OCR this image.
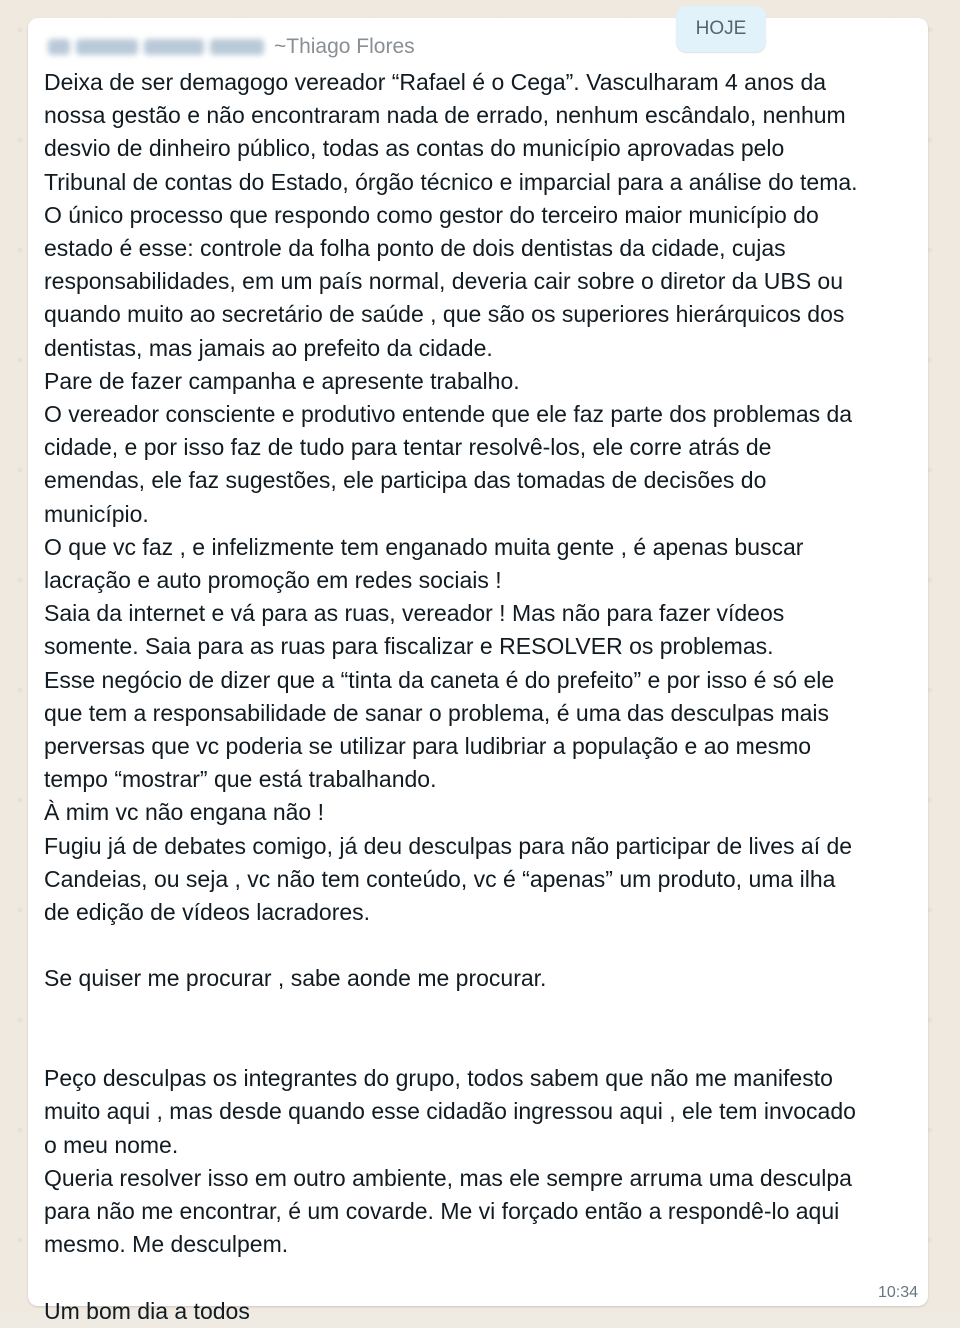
HOJE
~Thiago Flores

Deixa de ser demagogo vereador “Rafael é o Cega”. Vasculharam 4 anos da

nossa gestão e não encontraram nada de errado, nenhum escândalo, nenhum

desvio de dinheiro público, todas as contas do município aprovadas pelo

Tribunal de contas do Estado, órgão técnico e imparcial para a análise do tema.

O único processo que respondo como gestor do terceiro maior município do

estado é esse: controle da folha ponto de dois dentistas da cidade, cujas

responsabilidades, em um país normal, deveria cair sobre o diretor da UBS ou

quando muito ao secretário de saúde , que são os superiores hierárquicos dos

dentistas, mas jamais ao prefeito da cidade.

Pare de fazer campanha e apresente trabalho.

O vereador consciente e produtivo entende que ele faz parte dos problemas da

cidade, e por isso faz de tudo para tentar resolvê-los, ele corre atrás de

emendas, ele faz sugestões, ele participa das tomadas de decisões do

município.

O que vc faz , e infelizmente tem enganado muita gente , é apenas buscar

lacração e auto promoção em redes sociais !

Saia da internet e vá para as ruas, vereador ! Mas não para fazer vídeos

somente. Saia para as ruas para fiscalizar e RESOLVER os problemas.

Esse negócio de dizer que a “tinta da caneta é do prefeito” e por isso é só ele

que tem a responsabilidade de sanar o problema, é uma das desculpas mais

perversas que vc poderia se utilizar para ludibriar a população e ao mesmo

tempo “mostrar” que está trabalhando.

À mim vc não engana não !

Fugiu já de debates comigo, já deu desculpas para não participar de lives aí de

Candeias, ou seja , vc não tem conteúdo, vc é “apenas” um produto, uma ilha

de edição de vídeos lacradores.

Se quiser me procurar , sabe aonde me procurar.

Peço desculpas os integrantes do grupo, todos sabem que não me manifesto

muito aqui , mas desde quando esse cidadão ingressou aqui , ele tem invocado

o meu nome.

Queria resolver isso em outro ambiente, mas ele sempre arruma uma desculpa

para não me encontrar, é um covarde. Me vi forçado então a respondê-lo aqui

mesmo. Me desculpem.

Um bom dia a todos

10:34
